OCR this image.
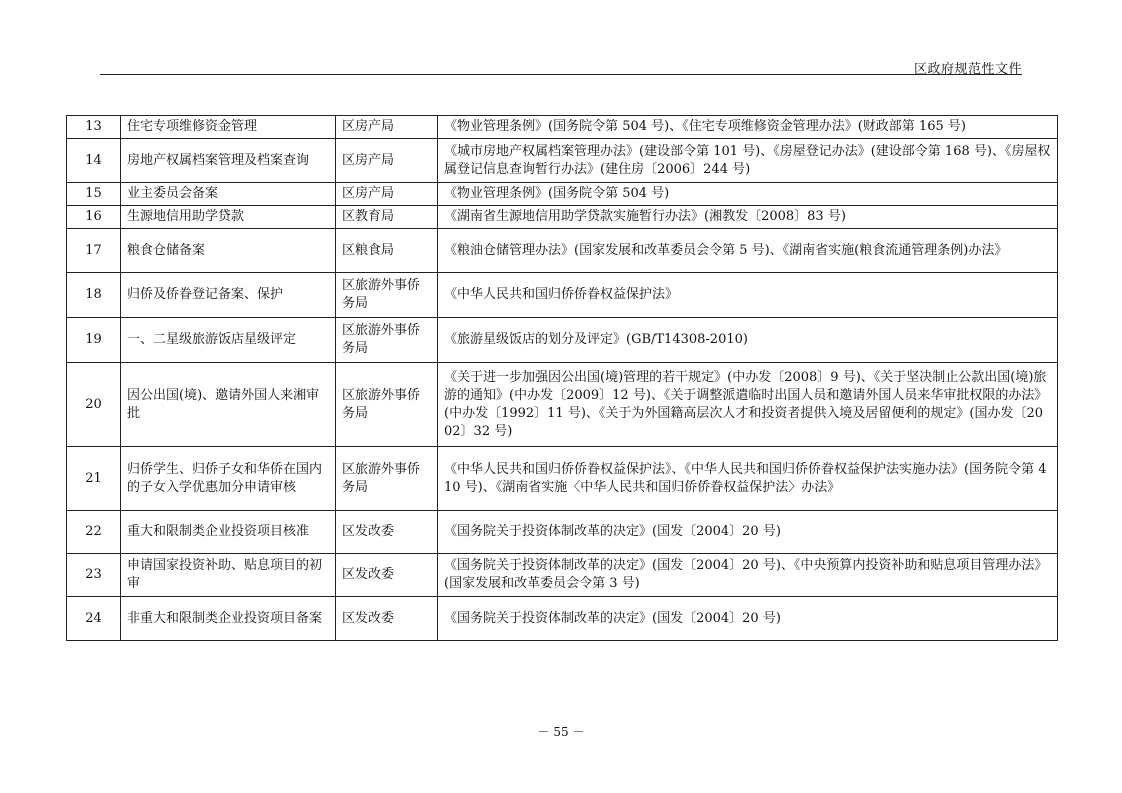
区政府规范性文件
13	住宅专项维修资金管理	区房产局	《物业管理条例》(国务院令第 504 号)、《住宅专项维修资金管理办法》(财政部第 165 号)
14	房地产权属档案管理及档案查询	区房产局	《城市房地产权属档案管理办法》(建设部令第 101 号)、《房屋登记办法》(建设部令第 168 号)、《房屋权属登记信息查询暂行办法》(建住房〔2006〕244 号)
15	业主委员会备案	区房产局	《物业管理条例》(国务院令第 504 号)
16	生源地信用助学贷款	区教育局	《湖南省生源地信用助学贷款实施暂行办法》(湘教发〔2008〕83 号)
17	粮食仓储备案	区粮食局	《粮油仓储管理办法》(国家发展和改革委员会令第 5 号)、《湖南省实施(粮食流通管理条例)办法》
18	归侨及侨眷登记备案、保护	区旅游外事侨务局	《中华人民共和国归侨侨眷权益保护法》
19	一、二星级旅游饭店星级评定	区旅游外事侨务局	《旅游星级饭店的划分及评定》(GB/T14308-2010)
20	因公出国(境)、邀请外国人来湘审批	区旅游外事侨务局	《关于进一步加强因公出国(境)管理的若干规定》(中办发〔2008〕9 号)、《关于坚决制止公款出国(境)旅游的通知》(中办发〔2009〕12 号)、《关于调整派遣临时出国人员和邀请外国人员来华审批权限的办法》(中办发〔1992〕11 号)、《关于为外国籍高层次人才和投资者提供入境及居留便利的规定》(国办发〔2002〕32 号)
21	归侨学生、归侨子女和华侨在国内的子女入学优惠加分申请审核	区旅游外事侨务局	《中华人民共和国归侨侨眷权益保护法》、《中华人民共和国归侨侨眷权益保护法实施办法》(国务院令第 410 号)、《湖南省实施〈中华人民共和国归侨侨眷权益保护法〉办法》
22	重大和限制类企业投资项目核准	区发改委	《国务院关于投资体制改革的决定》(国发〔2004〕20 号)
23	申请国家投资补助、贴息项目的初审	区发改委	《国务院关于投资体制改革的决定》(国发〔2004〕20 号)、《中央预算内投资补助和贴息项目管理办法》(国家发展和改革委员会令第 3 号)
24	非重大和限制类企业投资项目备案	区发改委	《国务院关于投资体制改革的决定》(国发〔2004〕20 号)
－ 55 －
